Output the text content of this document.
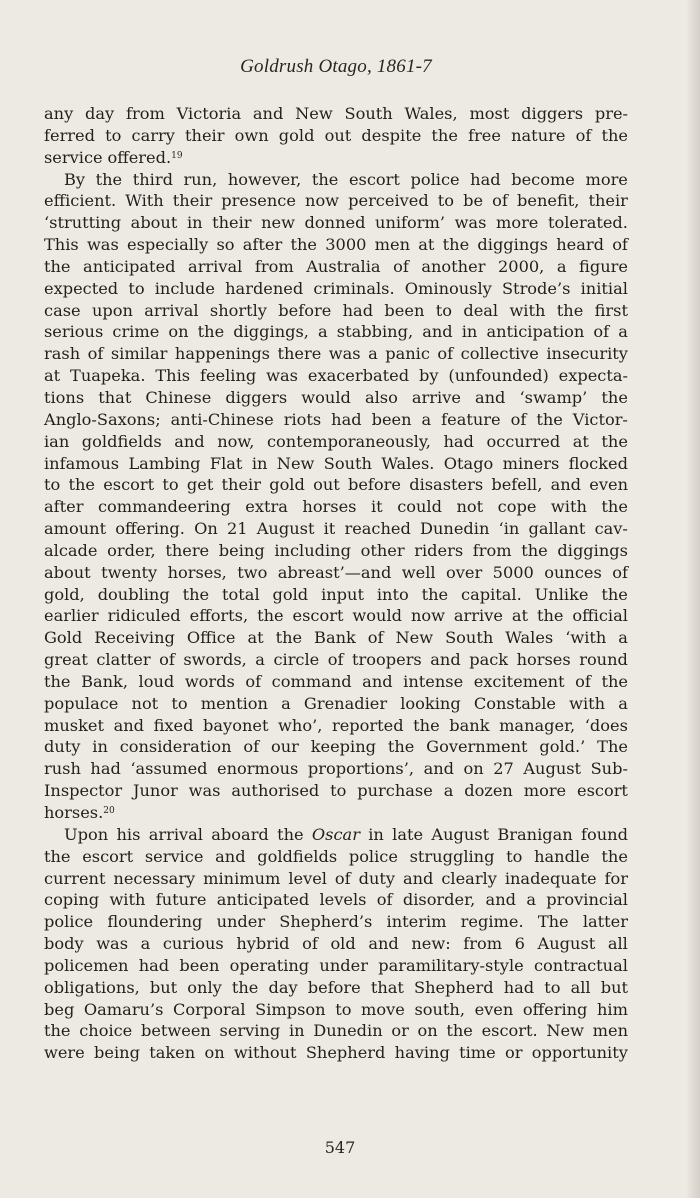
Goldrush Otago, 1861-7
any day from Victoria and New South Wales, most diggers pre-
ferred to carry their own gold out despite the free nature of the
service offered.$^{19}$
By the third run, however, the escort police had become more
efficient. With their presence now perceived to be of benefit, their
‘strutting about in their new donned uniform’ was more tolerated.
This was especially so after the 3000 men at the diggings heard of
the anticipated arrival from Australia of another 2000, a figure
expected to include hardened criminals. Ominously Strode’s initial
case upon arrival shortly before had been to deal with the first
serious crime on the diggings, a stabbing, and in anticipation of a
rash of similar happenings there was a panic of collective insecurity
at Tuapeka. This feeling was exacerbated by (unfounded) expecta-
tions that Chinese diggers would also arrive and ‘swamp’ the
Anglo-Saxons; anti-Chinese riots had been a feature of the Victor-
ian goldfields and now, contemporaneously, had occurred at the
infamous Lambing Flat in New South Wales. Otago miners flocked
to the escort to get their gold out before disasters befell, and even
after commandeering extra horses it could not cope with the
amount offering. On 21 August it reached Dunedin ‘in gallant cav-
alcade order, there being including other riders from the diggings
about twenty horses, two abreast’—and well over 5000 ounces of
gold, doubling the total gold input into the capital. Unlike the
earlier ridiculed efforts, the escort would now arrive at the official
Gold Receiving Office at the Bank of New South Wales ‘with a
great clatter of swords, a circle of troopers and pack horses round
the Bank, loud words of command and intense excitement of the
populace not to mention a Grenadier looking Constable with a
musket and fixed bayonet who’, reported the bank manager, ‘does
duty in consideration of our keeping the Government gold.’ The
rush had ‘assumed enormous proportions’, and on 27 August Sub-
Inspector Junor was authorised to purchase a dozen more escort
horses.$^{20}$
Upon his arrival aboard the Oscar in late August Branigan found
the escort service and goldfields police struggling to handle the
current necessary minimum level of duty and clearly inadequate for
coping with future anticipated levels of disorder, and a provincial
police floundering under Shepherd’s interim regime. The latter
body was a curious hybrid of old and new: from 6 August all
policemen had been operating under paramilitary-style contractual
obligations, but only the day before that Shepherd had to all but
beg Oamaru’s Corporal Simpson to move south, even offering him
the choice between serving in Dunedin or on the escort. New men
were being taken on without Shepherd having time or opportunity
547
